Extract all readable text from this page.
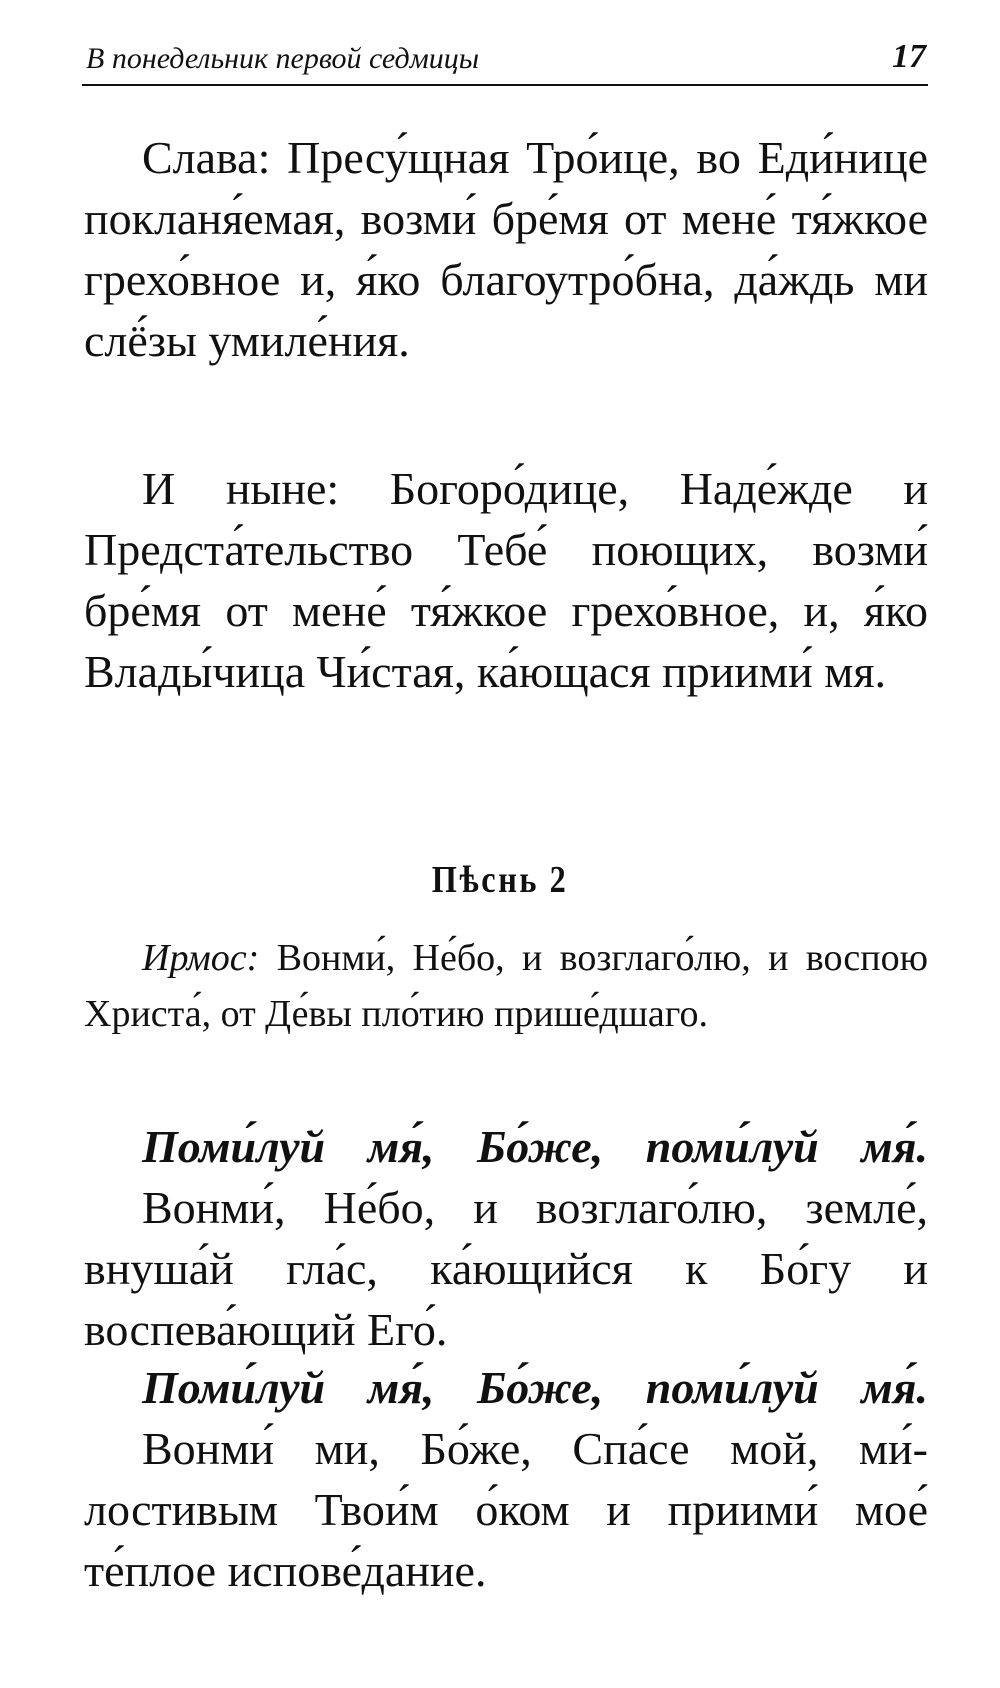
В понедельник первой седмицы	17

Слава: Пресу́щная Тро́ице, во Еди́нице покланя́емая, возми́ бре́мя от мене́ тя́жкое грехо́вное и, я́ко благоутро́бна, да́ждь ми слё́зы умиле́ния.

И ныне: Богоро́дице, Наде́жде и Предста́тельство Тебе́ поющих, возми́ бре́мя от мене́ тя́жкое грехо́вное, и, я́ко Влады́чица Чи́стая, ка́ющася приими́ мя.

Пѣснь 2

Ирмос: Вонми́, Не́бо, и возглаго́лю, и воспою Христа́, от Де́вы пло́тию прише́дшаго.

Поми́луй мя́, Бо́же, поми́луй мя́.

Вонми́, Не́бо, и возглаго́лю, земле́, внуша́й гла́с, ка́ющийся к Бо́гу и воспева́ющий Его́.

Поми́луй мя́, Бо́же, поми́луй мя́.

Вонми́ ми, Бо́же, Спа́се мой, ми́лостивым Твои́м о́ком и приими́ мое́ те́плое испове́дание.
